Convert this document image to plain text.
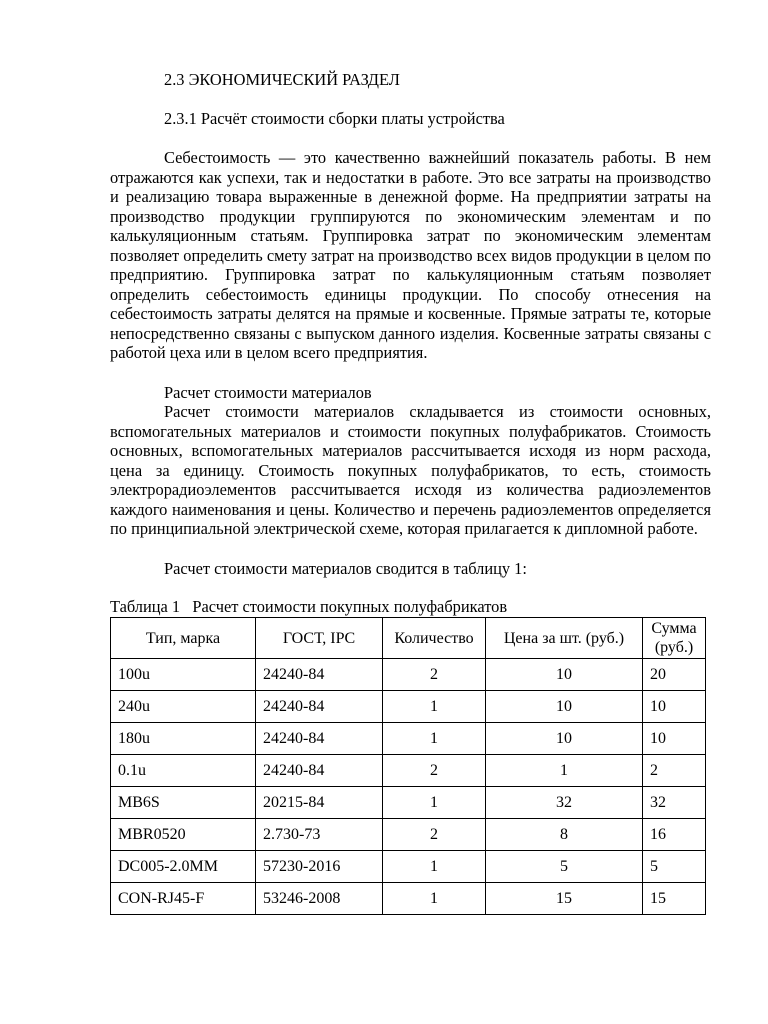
2.3 ЭКОНОМИЧЕСКИЙ РАЗДЕЛ
2.3.1 Расчёт стоимости сборки платы устройства

Себестоимость — это качественно важнейший показатель работы. В нем отражаются как успехи, так и недостатки в работе. Это все затраты на производство и реализацию товара выраженные в денежной форме. На предприятии затраты на производство продукции группируются по экономическим элементам и по калькуляционным статьям. Группировка затрат по экономическим элементам позволяет определить смету затрат на производство всех видов продукции в целом по предприятию. Группировка затрат по калькуляционным статьям позволяет определить себестоимость единицы продукции. По способу отнесения на себестоимость затраты делятся на прямые и косвенные. Прямые затраты те, которые непосредственно связаны с выпуском данного изделия. Косвенные затраты связаны с работой цеха или в целом всего предприятия.

Расчет стоимости материалов

Расчет стоимости материалов складывается из стоимости основных, вспомогательных материалов и стоимости покупных полуфабрикатов. Стоимость основных, вспомогательных материалов рассчитывается исходя из норм расхода, цена за единицу. Стоимость покупных полуфабрикатов, то есть, стоимость электрорадиоэлементов рассчитывается исходя из количества радиоэлементов каждого наименования и цены. Количество и перечень радиоэлементов определяется по принципиальной электрической схеме, которая прилагается к дипломной работе.

Расчет стоимости материалов сводится в таблицу 1:
Таблица 1   Расчет стоимости покупных полуфабрикатов
Тип, марка	ГОСТ, IPC	Количество	Цена за шт. (руб.)	Сумма (руб.)
100u	24240-84	2	10	20
240u	24240-84	1	10	10
180u	24240-84	1	10	10
0.1u	24240-84	2	1	2
MB6S	20215-84	1	32	32
MBR0520	2.730-73	2	8	16
DC005-2.0MM	57230-2016	1	5	5
CON-RJ45-F	53246-2008	1	15	15
